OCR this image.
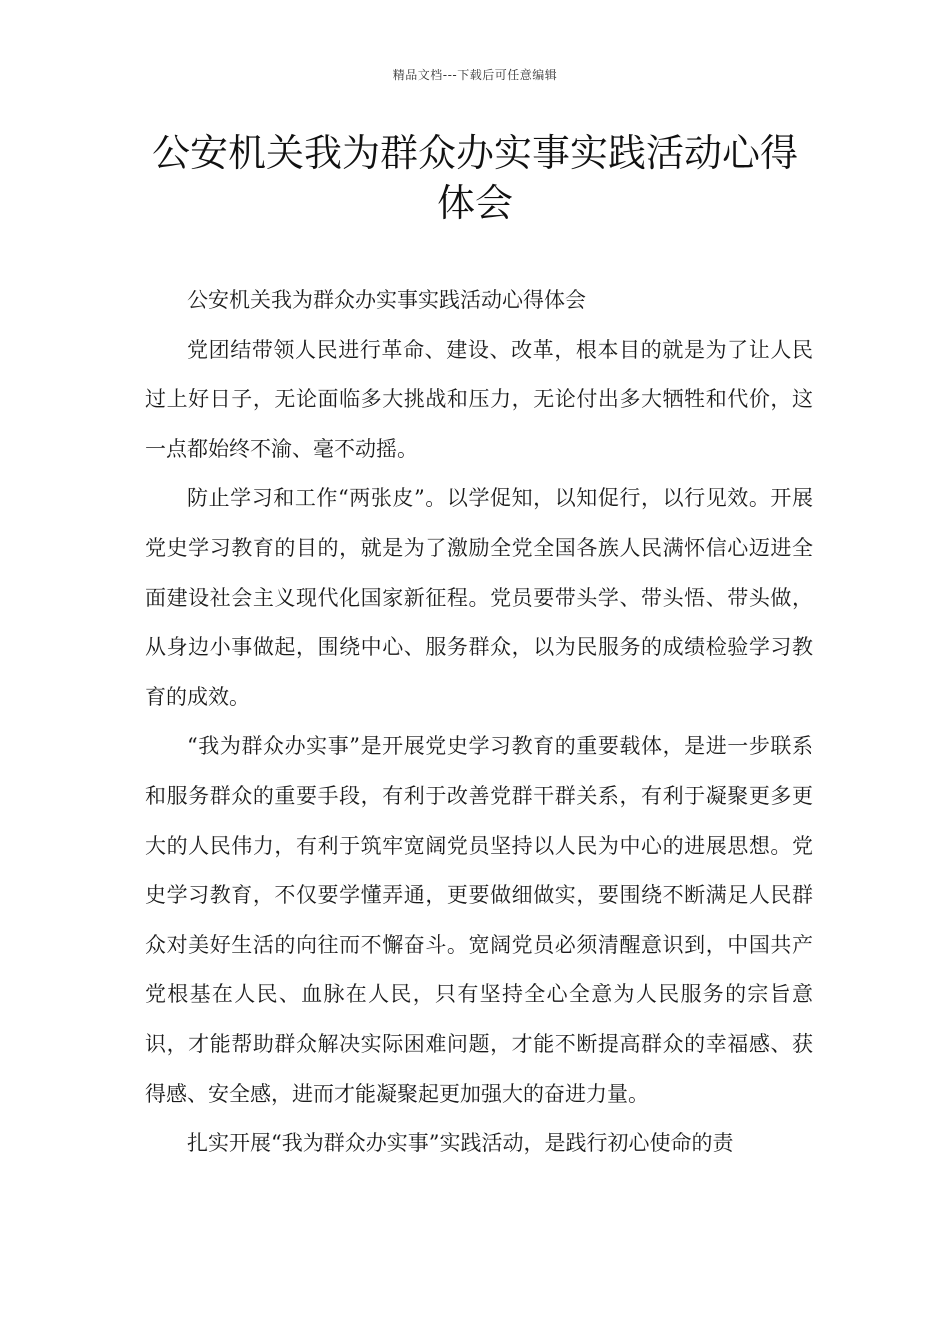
精品文档---下载后可任意编辑
公安机关我为群众办实事实践活动心得体会

公安机关我为群众办实事实践活动心得体会

党团结带领人民进行革命、建设、改革，根本目的就是为了让人民过上好日子，无论面临多大挑战和压力，无论付出多大牺牲和代价，这一点都始终不渝、毫不动摇。

防止学习和工作“两张皮”。以学促知，以知促行，以行见效。开展党史学习教育的目的，就是为了激励全党全国各族人民满怀信心迈进全面建设社会主义现代化国家新征程。党员要带头学、带头悟、带头做，从身边小事做起，围绕中心、服务群众，以为民服务的成绩检验学习教育的成效。

“我为群众办实事”是开展党史学习教育的重要载体，是进一步联系和服务群众的重要手段，有利于改善党群干群关系，有利于凝聚更多更大的人民伟力，有利于筑牢宽阔党员坚持以人民为中心的进展思想。党史学习教育，不仅要学懂弄通，更要做细做实，要围绕不断满足人民群众对美好生活的向往而不懈奋斗。宽阔党员必须清醒意识到，中国共产党根基在人民、血脉在人民，只有坚持全心全意为人民服务的宗旨意识，才能帮助群众解决实际困难问题，才能不断提高群众的幸福感、获得感、安全感，进而才能凝聚起更加强大的奋进力量。

扎实开展“我为群众办实事”实践活动，是践行初心使命的责
